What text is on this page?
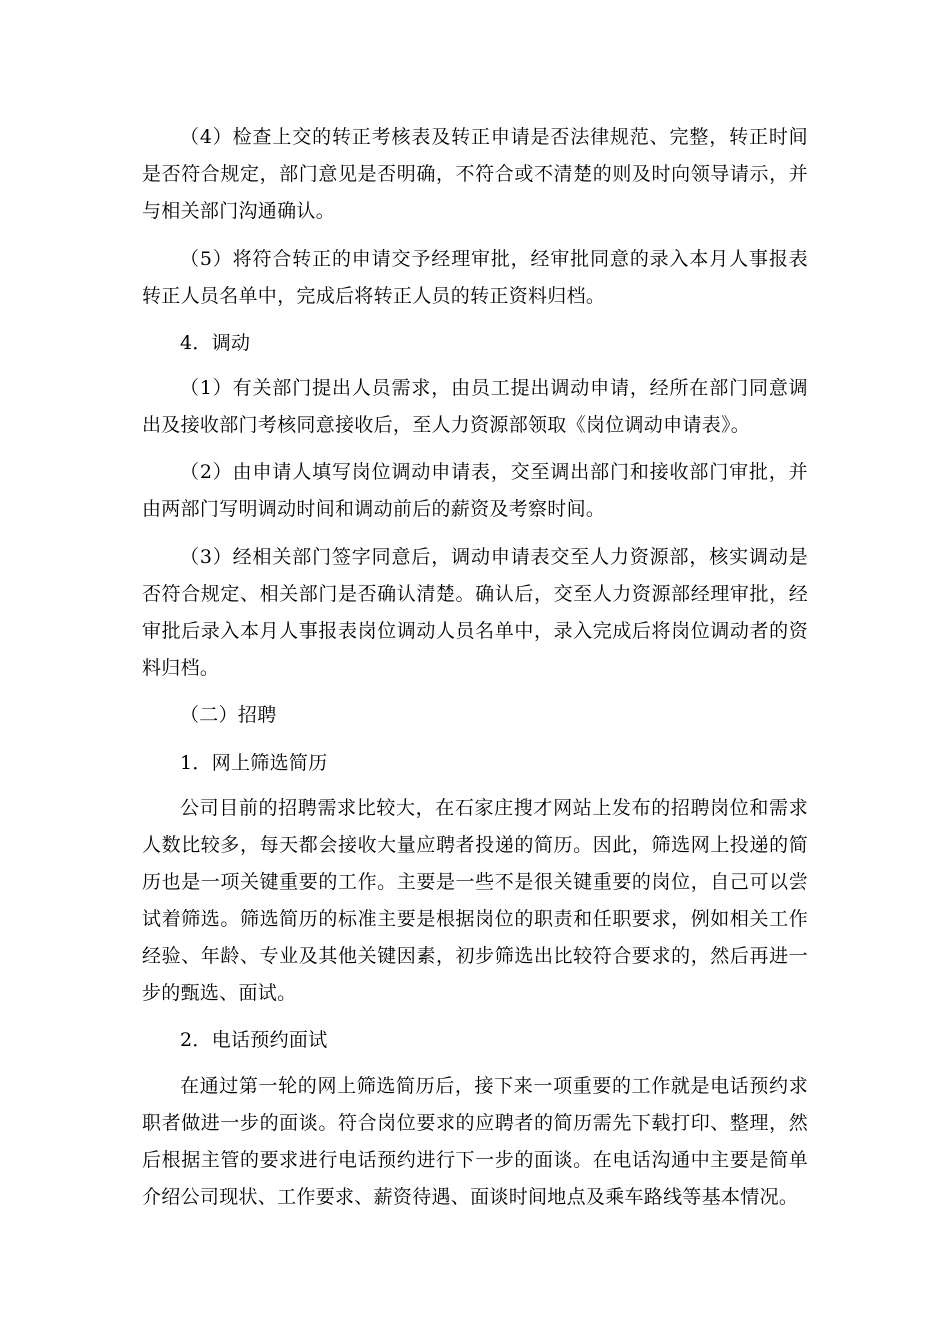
（4）检查上交的转正考核表及转正申请是否法律规范、完整，转正时间是否符合规定，部门意见是否明确，不符合或不清楚的则及时向领导请示，并与相关部门沟通确认。

（5）将符合转正的申请交予经理审批，经审批同意的录入本月人事报表转正人员名单中，完成后将转正人员的转正资料归档。

4．调动

（1）有关部门提出人员需求，由员工提出调动申请，经所在部门同意调出及接收部门考核同意接收后，至人力资源部领取《岗位调动申请表》。

（2）由申请人填写岗位调动申请表，交至调出部门和接收部门审批，并由两部门写明调动时间和调动前后的薪资及考察时间。

（3）经相关部门签字同意后，调动申请表交至人力资源部，核实调动是否符合规定、相关部门是否确认清楚。确认后，交至人力资源部经理审批，经审批后录入本月人事报表岗位调动人员名单中，录入完成后将岗位调动者的资料归档。

（二）招聘

1．网上筛选简历

公司目前的招聘需求比较大，在石家庄搜才网站上发布的招聘岗位和需求人数比较多，每天都会接收大量应聘者投递的简历。因此，筛选网上投递的简历也是一项关键重要的工作。主要是一些不是很关键重要的岗位，自己可以尝试着筛选。筛选简历的标准主要是根据岗位的职责和任职要求，例如相关工作经验、年龄、专业及其他关键因素，初步筛选出比较符合要求的，然后再进一步的甄选、面试。

2．电话预约面试

在通过第一轮的网上筛选简历后，接下来一项重要的工作就是电话预约求职者做进一步的面谈。符合岗位要求的应聘者的简历需先下载打印、整理，然后根据主管的要求进行电话预约进行下一步的面谈。在电话沟通中主要是简单介绍公司现状、工作要求、薪资待遇、面谈时间地点及乘车路线等基本情况。
